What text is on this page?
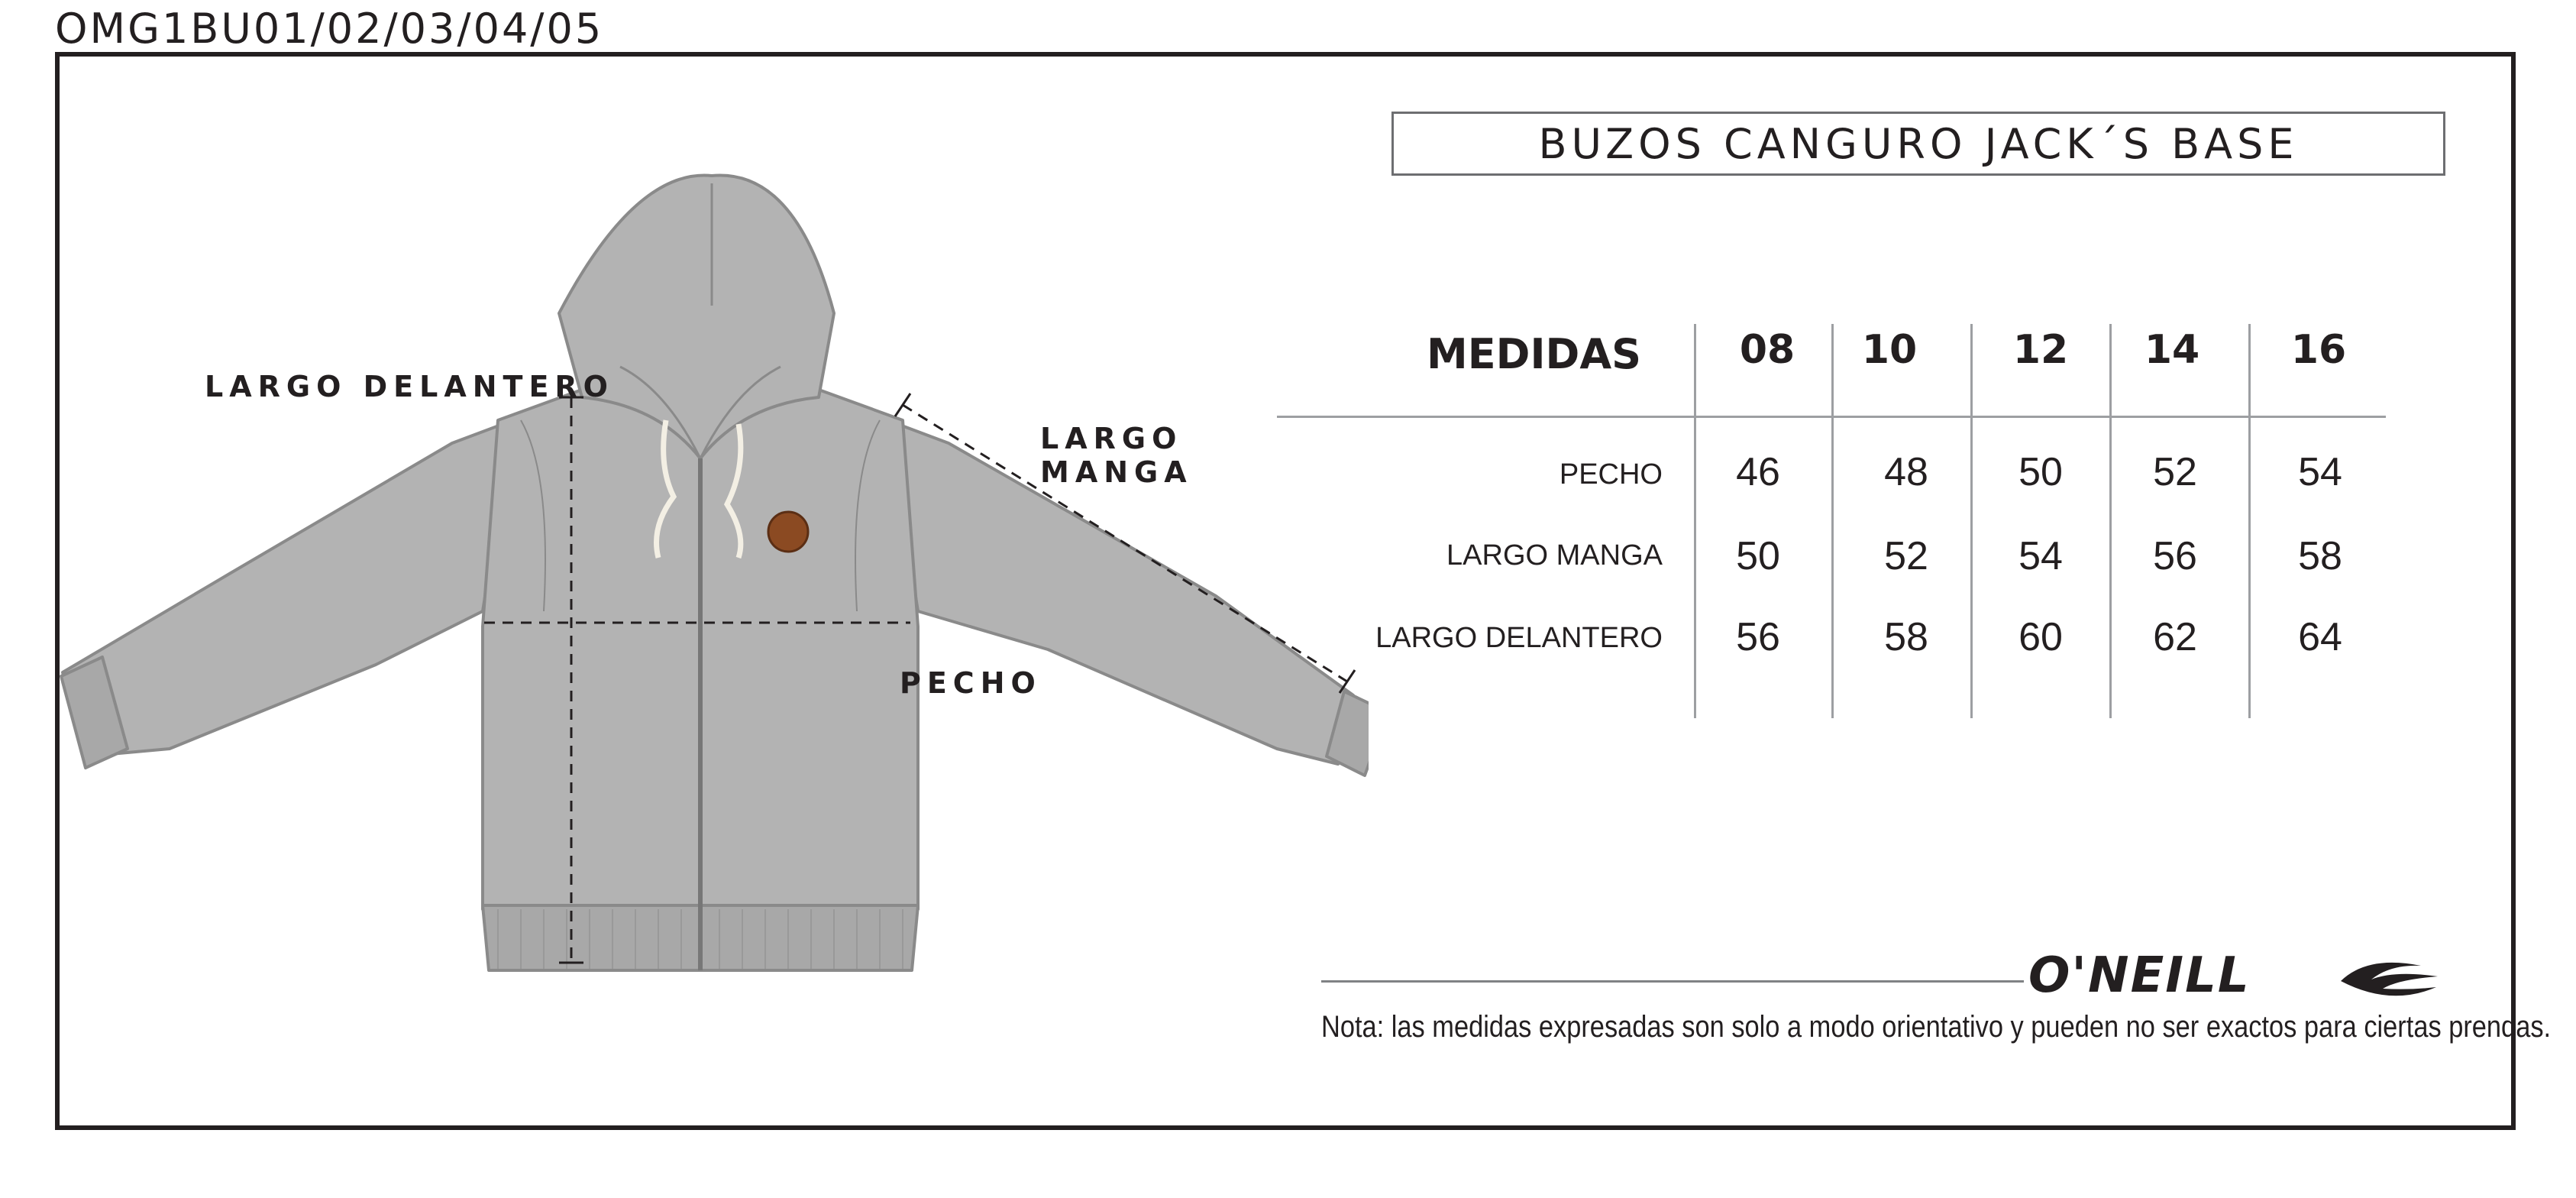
OMG1BU01/02/03/04/05
BUZOS CANGURO JACK´S BASE
LARGO DELANTERO
LARGO
MANGA
PECHO
MEDIDAS	08	10	12	14	16
PECHO	46	48	50	52	54
LARGO MANGA	50	52	54	56	58
LARGO DELANTERO	56	58	60	62	64
O'NEILL
Nota: las medidas expresadas son solo a modo orientativo y pueden no ser exactos para ciertas prendas.
